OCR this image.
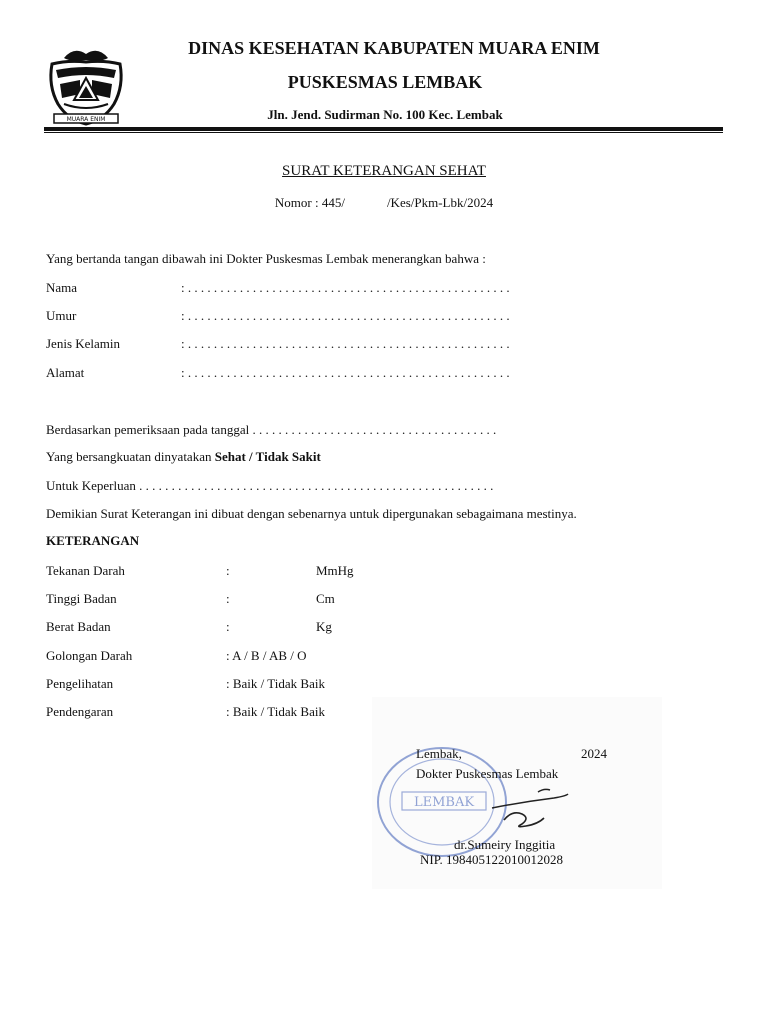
MUARA ENIM
DINAS KESEHATAN KABUPATEN MUARA ENIM
PUSKESMAS LEMBAK
Jln. Jend. Sudirman No. 100 Kec. Lembak
SURAT KETERANGAN SEHAT
Nomor : 445/	/Kes/Pkm-Lbk/2024
Yang bertanda tangan dibawah ini Dokter Puskesmas Lembak menerangkan bahwa :
Nama	: . . . . . . . . . . . . . . . . . . . . . . . . . . . . . . . . . . . . . . . . . . . . . . . . . .
Umur	: . . . . . . . . . . . . . . . . . . . . . . . . . . . . . . . . . . . . . . . . . . . . . . . . . .
Jenis Kelamin	: . . . . . . . . . . . . . . . . . . . . . . . . . . . . . . . . . . . . . . . . . . . . . . . . . .
Alamat	: . . . . . . . . . . . . . . . . . . . . . . . . . . . . . . . . . . . . . . . . . . . . . . . . . .
Berdasarkan pemeriksaan pada tanggal . . . . . . . . . . . . . . . . . . . . . . . . . . . . . . . . . . . . . .
Yang bersangkuatan dinyatakan Sehat / Tidak Sakit
Untuk Keperluan . . . . . . . . . . . . . . . . . . . . . . . . . . . . . . . . . . . . . . . . . . . . . . . . . . . . . . .
Demikian Surat Keterangan ini dibuat dengan sebenarnya untuk dipergunakan sebagaimana mestinya.
KETERANGAN
Tekanan Darah	:	MmHg
Tinggi Badan	:	Cm
Berat Badan	:	Kg
Golongan Darah	: A / B / AB / O
Pengelihatan	: Baik / Tidak Baik
Pendengaran	: Baik / Tidak Baik
LEMBAK
Lembak,	2024
Dokter Puskesmas Lembak
dr.Sumeiry Inggitia
NIP. 198405122010012028
